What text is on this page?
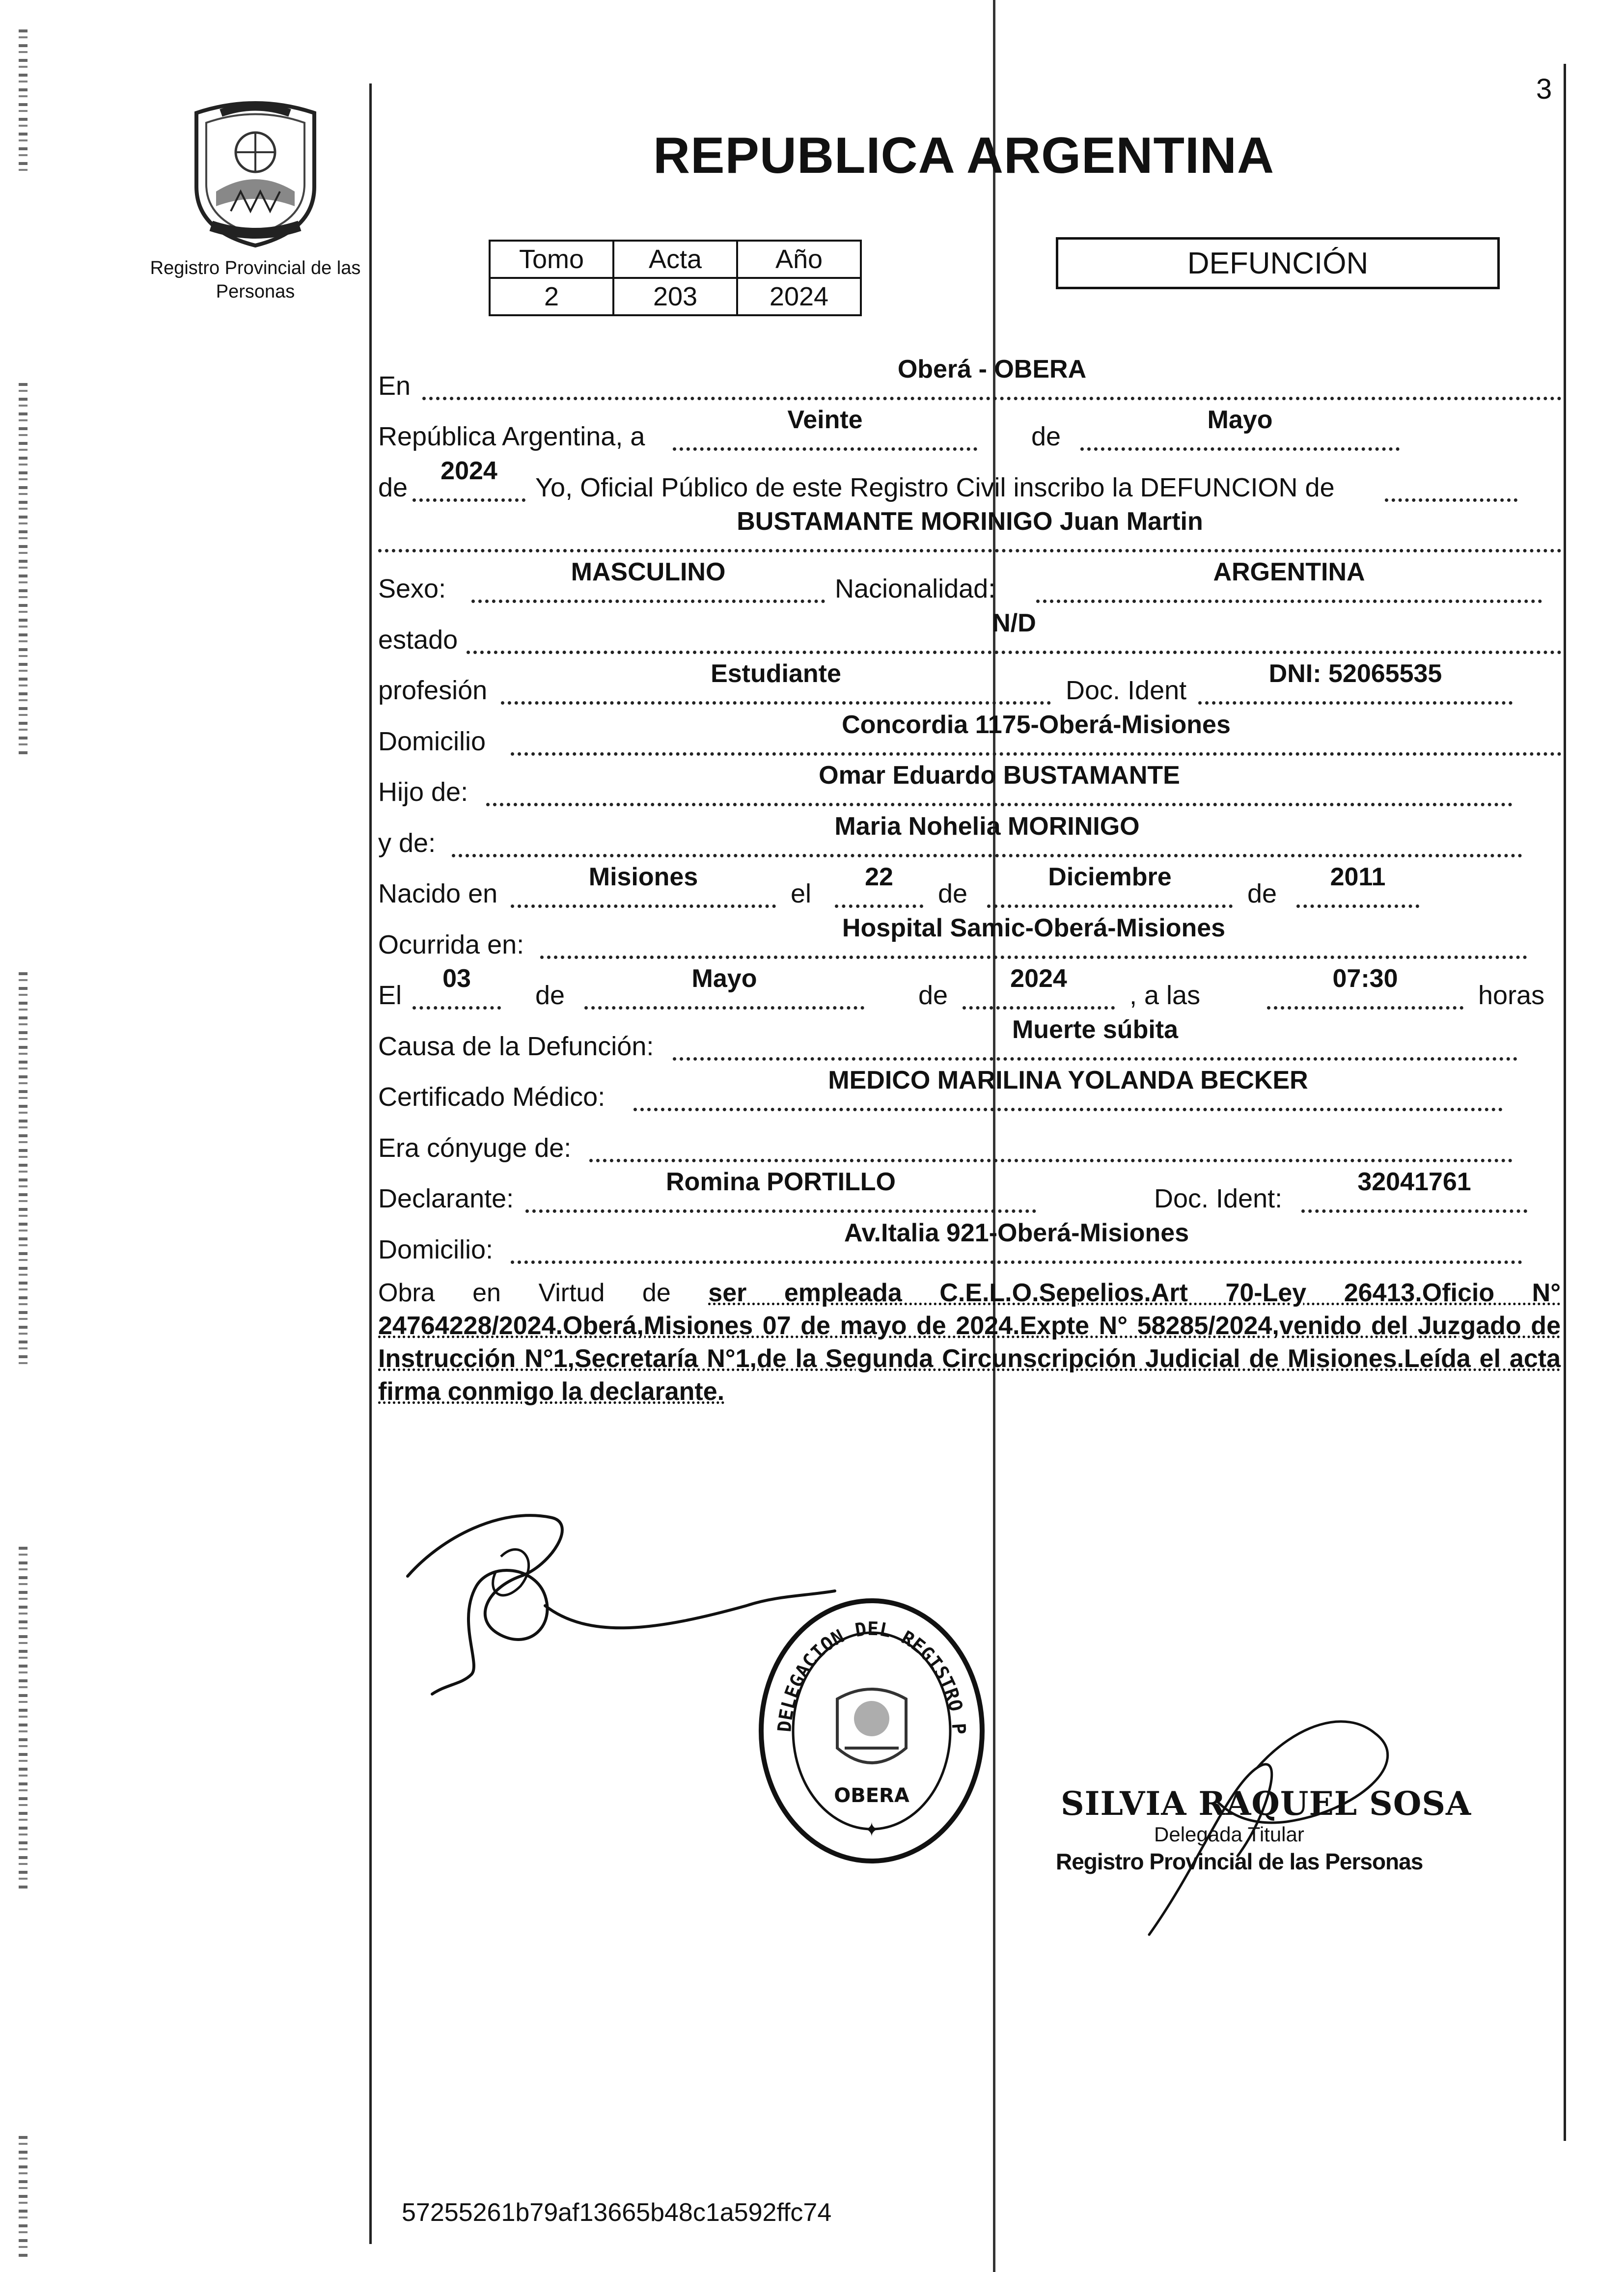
3
Registro Provincial de las Personas
REPUBLICA ARGENTINA
Tomo	Acta	Año
2	203	2024
DEFUNCIÓN
En
Oberá - OBERA
República Argentina, a
Veinte
de
Mayo
de
2024
Yo, Oficial Público de este Registro Civil inscribo la DEFUNCION de
BUSTAMANTE MORINIGO Juan Martin
Sexo:
MASCULINO
Nacionalidad:
ARGENTINA
estado
N/D
profesión
Estudiante
Doc. Ident
DNI: 52065535
Domicilio
Concordia 1175-Oberá-Misiones
Hijo de:
Omar Eduardo BUSTAMANTE
y de:
Maria Nohelia MORINIGO
Nacido en
Misiones
el
22
de
Diciembre
de
2011
Ocurrida en:
Hospital Samic-Oberá-Misiones
El
03
de
Mayo
de
2024
, a las
07:30
horas
Causa de la Defunción:
Muerte súbita
Certificado Médico:
MEDICO MARILINA YOLANDA BECKER
Era cónyuge de:
Declarante:
Romina PORTILLO
Doc. Ident:
32041761
Domicilio:
Av.Italia 921-Oberá-Misiones
Obra en Virtud de ser empleada C.E.L.O.Sepelios.Art 70-Ley 26413.Oficio N° 24764228/2024.Oberá,Misiones 07 de mayo de 2024.Expte N° 58285/2024,venido del Juzgado de Instrucción N°1,Secretaría N°1,de la Segunda Circunscripción Judicial de Misiones.Leída el acta firma conmigo la declarante.
DELEGACION DEL REGISTRO P
OBERA
✦
SILVIA RAQUEL SOSA
Delegada Titular
Registro Provincial de las Personas
57255261b79af13665b48c1a592ffc74
